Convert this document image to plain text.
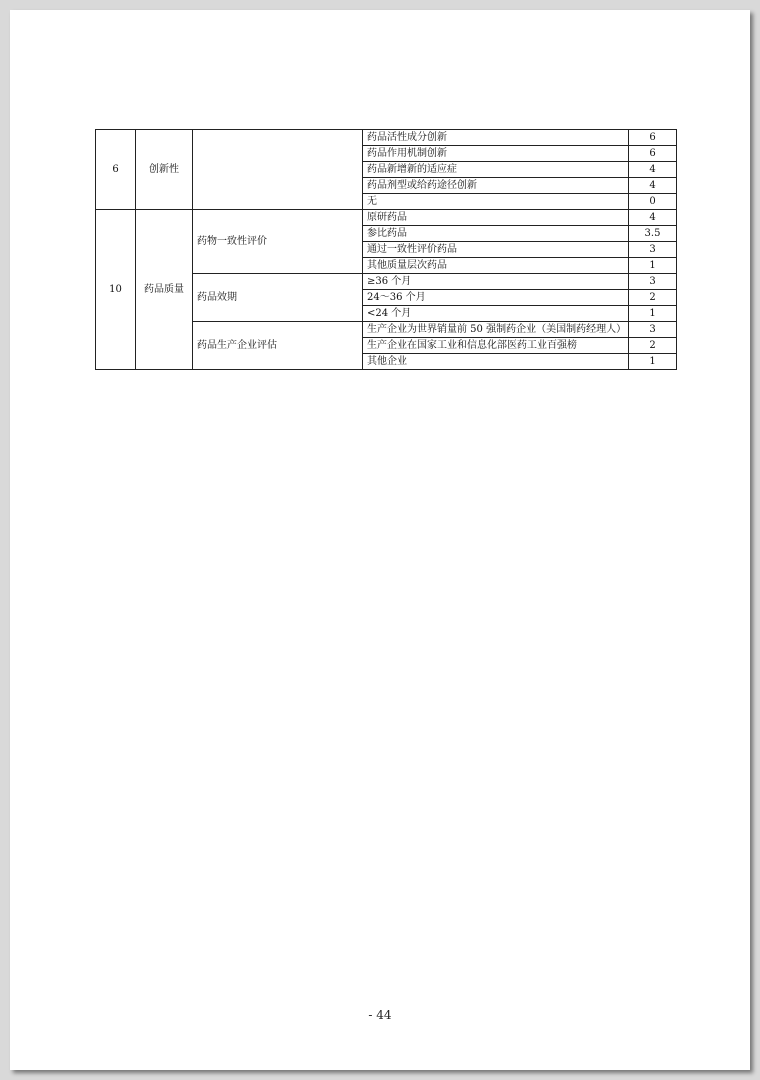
6	创新性		药品活性成分创新	6
			药品作用机制创新	6
			药品新增新的适应症	4
			药品剂型或给药途径创新	4
			无	0
10	药品质量	药物一致性评价	原研药品	4
			参比药品	3.5
			通过一致性评价药品	3
			其他质量层次药品	1
		药品效期	≥36 个月	3
			24～36 个月	2
			<24 个月	1
		药品生产企业评估	生产企业为世界销量前 50 强制药企业（美国制药经理人）	3
			生产企业在国家工业和信息化部医药工业百强榜	2
			其他企业	1
- 44
